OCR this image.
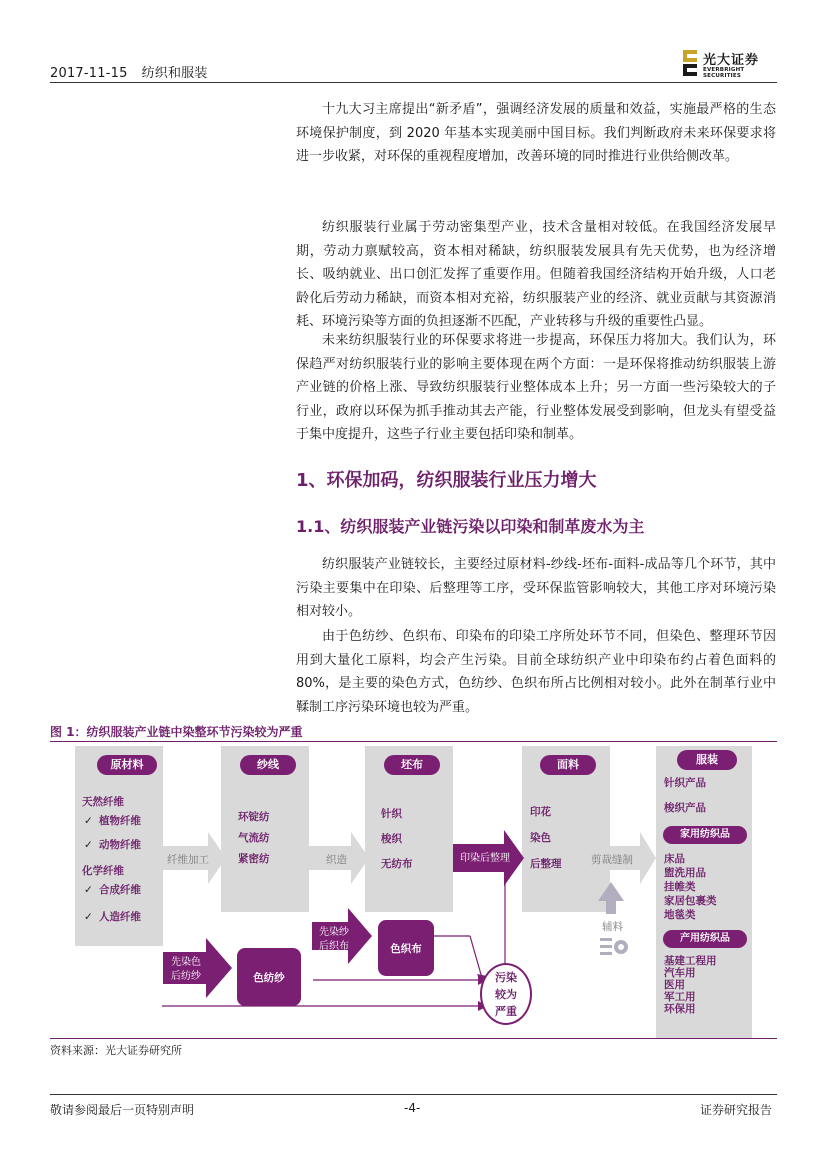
2017-11-15 纺织和服装
光大证券
EVERBRIGHT SECURITIES
十九大习主席提出“新矛盾”，强调经济发展的质量和效益，实施最严格的生态环境保护制度，到 2020 年基本实现美丽中国目标。我们判断政府未来环保要求将进一步收紧，对环保的重视程度增加，改善环境的同时推进行业供给侧改革。
纺织服装行业属于劳动密集型产业，技术含量相对较低。在我国经济发展早期，劳动力禀赋较高，资本相对稀缺，纺织服装发展具有先天优势，也为经济增长、吸纳就业、出口创汇发挥了重要作用。但随着我国经济结构开始升级，人口老龄化后劳动力稀缺，而资本相对充裕，纺织服装产业的经济、就业贡献与其资源消耗、环境污染等方面的负担逐渐不匹配，产业转移与升级的重要性凸显。
未来纺织服装行业的环保要求将进一步提高，环保压力将加大。我们认为，环保趋严对纺织服装行业的影响主要体现在两个方面：一是环保将推动纺织服装上游产业链的价格上涨、导致纺织服装行业整体成本上升；另一方面一些污染较大的子行业，政府以环保为抓手推动其去产能，行业整体发展受到影响，但龙头有望受益于集中度提升，这些子行业主要包括印染和制革。
1、环保加码，纺织服装行业压力增大
1.1、纺织服装产业链污染以印染和制革废水为主
纺织服装产业链较长，主要经过原材料-纱线-坯布-面料-成品等几个环节，其中污染主要集中在印染、后整理等工序，受环保监管影响较大，其他工序对环境污染相对较小。
由于色纺纱、色织布、印染布的印染工序所处环节不同，但染色、整理环节因用到大量化工原料，均会产生污染。目前全球纺织产业中印染布约占着色面料的 80%，是主要的染色方式，色纺纱、色织布所占比例相对较小。此外在制革行业中鞣制工序污染环境也较为严重。
图 1：纺织服装产业链中染整环节污染较为严重
原材料	纱线	坯布	面料	服装
天然纤维
✓ 植物纤维
✓ 动物纤维
化学纤维
✓ 合成纤维
✓ 人造纤维
环锭纺
气流纺
紧密纺
针织
梭织
无纺布
印花
染色
后整理
针织产品
梭织产品
家用纺织品
床品
盥洗用品
挂帷类
家居包裹类
地毯类
产用纺织品
基建工程用
汽车用
医用
军工用
环保用
纤维加工	织造	印染后整理	剪裁缝制
辅料
先染纱
后织布	色织布
先染色
后纺纱	色纺纱	污染
较为
严重
资料来源：光大证券研究所
敬请参阅最后一页特别声明	-4-	证券研究报告
